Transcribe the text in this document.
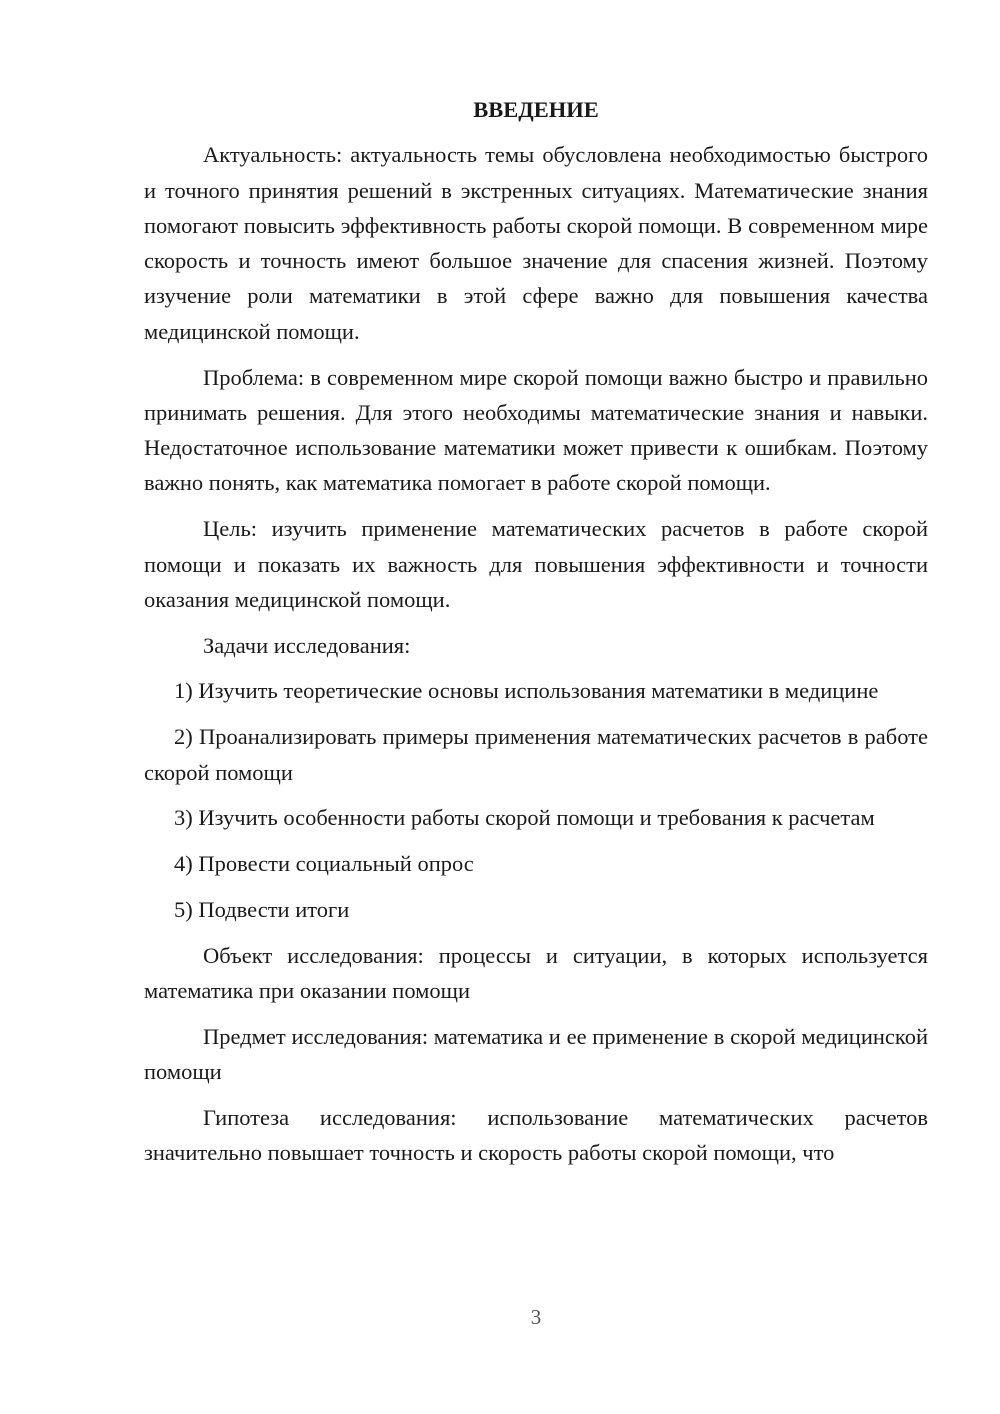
ВВЕДЕНИЕ

Актуальность: актуальность темы обусловлена необходимостью быстрого и точного принятия решений в экстренных ситуациях. Математические знания помогают повысить эффективность работы скорой помощи. В современном мире скорость и точность имеют большое значение для спасения жизней. Поэтому изучение роли математики в этой сфере важно для повышения качества медицинской помощи.

Проблема: в современном мире скорой помощи важно быстро и правильно принимать решения. Для этого необходимы математические знания и навыки. Недостаточное использование математики может привести к ошибкам. Поэтому важно понять, как математика помогает в работе скорой помощи.

Цель: изучить применение математических расчетов в работе скорой помощи и показать их важность для повышения эффективности и точности оказания медицинской помощи.

Задачи исследования:

1) Изучить теоретические основы использования математики в медицине

2) Проанализировать примеры применения математических расчетов в работе скорой помощи

3) Изучить особенности работы скорой помощи и требования к расчетам

4) Провести социальный опрос

5) Подвести итоги

Объект исследования: процессы и ситуации, в которых используется математика при оказании помощи

Предмет исследования: математика и ее применение в скорой медицинской помощи

Гипотеза исследования: использование математических расчетов значительно повышает точность и скорость работы скорой помощи, что

3
